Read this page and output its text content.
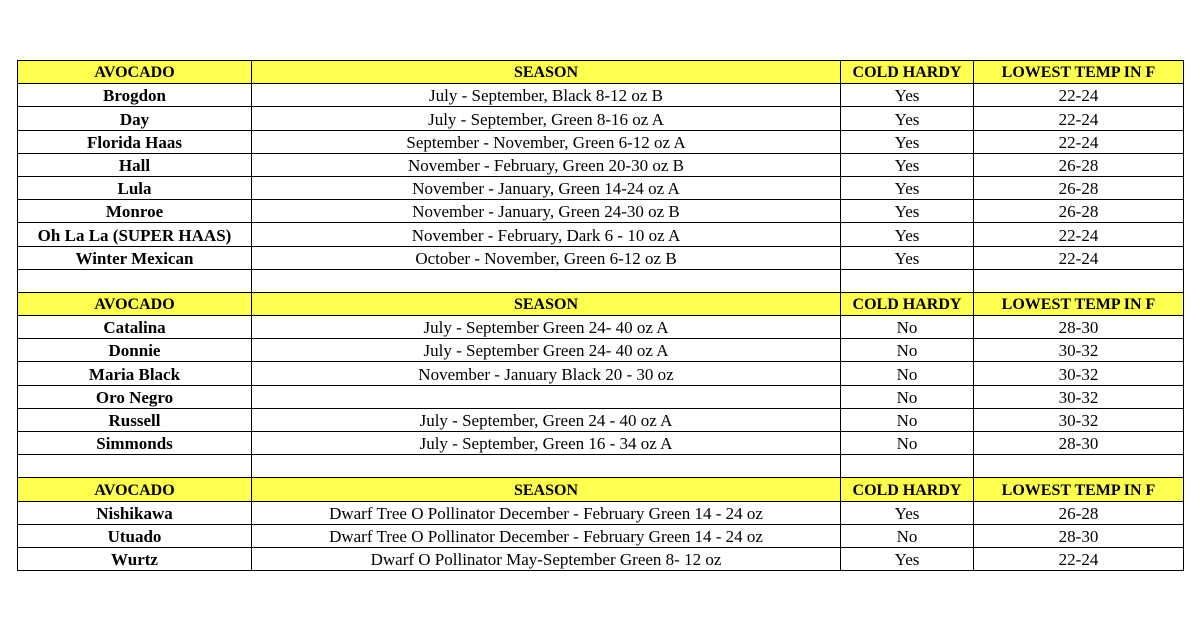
AVOCADO	SEASON	COLD HARDY	LOWEST TEMP IN F
Brogdon	July - September, Black 8-12 oz B	Yes	22-24
Day	July - September, Green 8-16 oz A	Yes	22-24
Florida Haas	September - November, Green 6-12 oz A	Yes	22-24
Hall	November - February, Green 20-30 oz B	Yes	26-28
Lula	November - January, Green 14-24 oz A	Yes	26-28
Monroe	November - January, Green 24-30 oz B	Yes	26-28
Oh La La (SUPER HAAS)	November - February, Dark 6 - 10 oz A	Yes	22-24
Winter Mexican	October - November, Green 6-12 oz B	Yes	22-24

AVOCADO	SEASON	COLD HARDY	LOWEST TEMP IN F
Catalina	July - September Green 24- 40 oz A	No	28-30
Donnie	July - September Green 24- 40 oz A	No	30-32
Maria Black	November - January Black 20 - 30 oz	No	30-32
Oro Negro		No	30-32
Russell	July - September, Green 24 - 40 oz A	No	30-32
Simmonds	July - September, Green 16 - 34 oz A	No	28-30

AVOCADO	SEASON	COLD HARDY	LOWEST TEMP IN F
Nishikawa	Dwarf Tree O Pollinator December - February Green 14 - 24 oz	Yes	26-28
Utuado	Dwarf Tree O Pollinator December - February Green 14 - 24 oz	No	28-30
Wurtz	Dwarf O Pollinator May-September Green 8- 12 oz	Yes	22-24
